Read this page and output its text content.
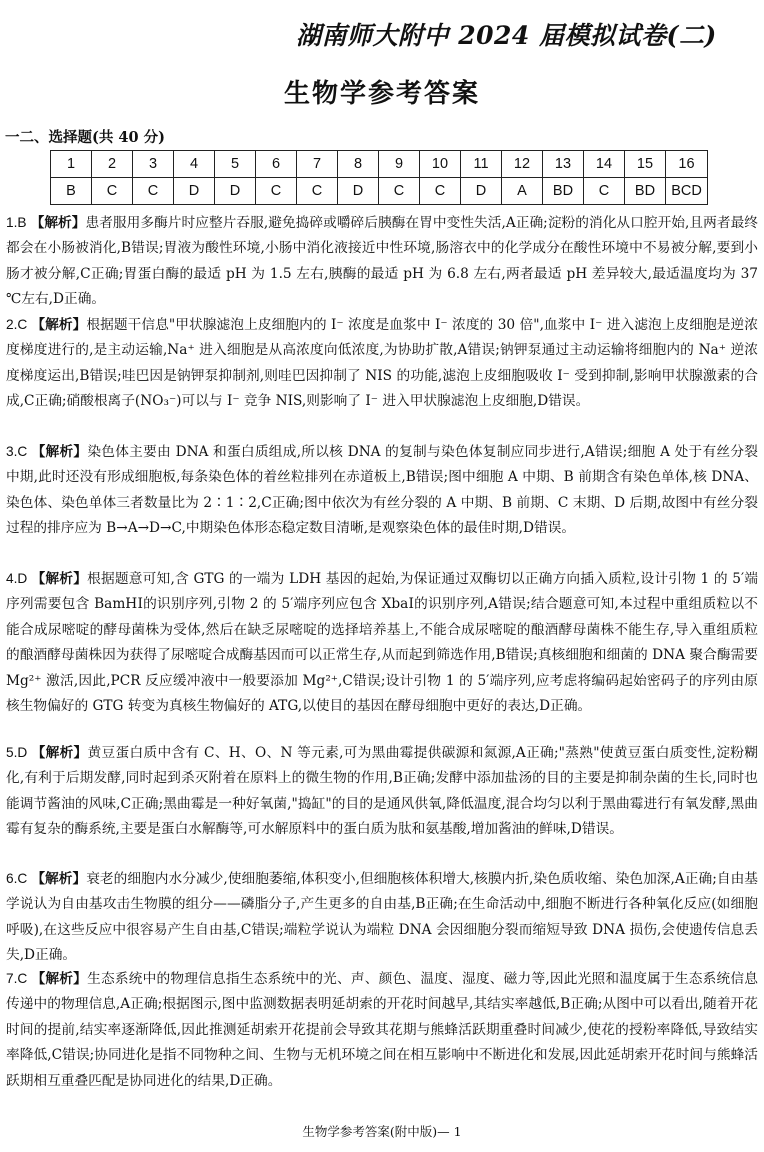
湖南师大附中 2024 届模拟试卷(二)
生物学参考答案
一二、选择题(共 40 分)
1	2	3	4	5	6	7	8	9	10	11	12	13	14	15	16
B	C	C	D	D	C	C	D	C	C	D	A	BD	C	BD	BCD
1.B 【解析】患者服用多酶片时应整片吞服,避免捣碎或嚼碎后胰酶在胃中变性失活,A正确;淀粉的消化从口腔开始,且两者最终都会在小肠被消化,B错误;胃液为酸性环境,小肠中消化液接近中性环境,肠溶衣中的化学成分在酸性环境中不易被分解,要到小肠才被分解,C正确;胃蛋白酶的最适 pH 为 1.5 左右,胰酶的最适 pH 为 6.8 左右,两者最适 pH 差异较大,最适温度均为 37 ℃左右,D正确。
2.C 【解析】根据题干信息"甲状腺滤泡上皮细胞内的 I⁻ 浓度是血浆中 I⁻ 浓度的 30 倍",血浆中 I⁻ 进入滤泡上皮细胞是逆浓度梯度进行的,是主动运输,Na⁺ 进入细胞是从高浓度向低浓度,为协助扩散,A错误;钠钾泵通过主动运输将细胞内的 Na⁺ 逆浓度梯度运出,B错误;哇巴因是钠钾泵抑制剂,则哇巴因抑制了 NIS 的功能,滤泡上皮细胞吸收 I⁻ 受到抑制,影响甲状腺激素的合成,C正确;硝酸根离子(NO₃⁻)可以与 I⁻ 竞争 NIS,则影响了 I⁻ 进入甲状腺滤泡上皮细胞,D错误。
3.C 【解析】染色体主要由 DNA 和蛋白质组成,所以核 DNA 的复制与染色体复制应同步进行,A错误;细胞 A 处于有丝分裂中期,此时还没有形成细胞板,每条染色体的着丝粒排列在赤道板上,B错误;图中细胞 A 中期、B 前期含有染色单体,核 DNA、染色体、染色单体三者数量比为 2∶1∶2,C正确;图中依次为有丝分裂的 A 中期、B 前期、C 末期、D 后期,故图中有丝分裂过程的排序应为 B→A→D→C,中期染色体形态稳定数目清晰,是观察染色体的最佳时期,D错误。
4.D 【解析】根据题意可知,含 GTG 的一端为 LDH 基因的起始,为保证通过双酶切以正确方向插入质粒,设计引物 1 的 5′端序列需要包含 BamHⅠ的识别序列,引物 2 的 5′端序列应包含 XbaⅠ的识别序列,A错误;结合题意可知,本过程中重组质粒以不能合成尿嘧啶的酵母菌株为受体,然后在缺乏尿嘧啶的选择培养基上,不能合成尿嘧啶的酿酒酵母菌株不能生存,导入重组质粒的酿酒酵母菌株因为获得了尿嘧啶合成酶基因而可以正常生存,从而起到筛选作用,B错误;真核细胞和细菌的 DNA 聚合酶需要 Mg²⁺ 激活,因此,PCR 反应缓冲液中一般要添加 Mg²⁺,C错误;设计引物 1 的 5′端序列,应考虑将编码起始密码子的序列由原核生物偏好的 GTG 转变为真核生物偏好的 ATG,以使目的基因在酵母细胞中更好的表达,D正确。
5.D 【解析】黄豆蛋白质中含有 C、H、O、N 等元素,可为黑曲霉提供碳源和氮源,A正确;"蒸熟"使黄豆蛋白质变性,淀粉糊化,有利于后期发酵,同时起到杀灭附着在原料上的微生物的作用,B正确;发酵中添加盐汤的目的主要是抑制杂菌的生长,同时也能调节酱油的风味,C正确;黑曲霉是一种好氧菌,"捣缸"的目的是通风供氧,降低温度,混合均匀以利于黑曲霉进行有氧发酵,黑曲霉有复杂的酶系统,主要是蛋白水解酶等,可水解原料中的蛋白质为肽和氨基酸,增加酱油的鲜味,D错误。
6.C 【解析】衰老的细胞内水分减少,使细胞萎缩,体积变小,但细胞核体积增大,核膜内折,染色质收缩、染色加深,A正确;自由基学说认为自由基攻击生物膜的组分——磷脂分子,产生更多的自由基,B正确;在生命活动中,细胞不断进行各种氧化反应(如细胞呼吸),在这些反应中很容易产生自由基,C错误;端粒学说认为端粒 DNA 会因细胞分裂而缩短导致 DNA 损伤,会使遗传信息丢失,D正确。
7.C 【解析】生态系统中的物理信息指生态系统中的光、声、颜色、温度、湿度、磁力等,因此光照和温度属于生态系统信息传递中的物理信息,A正确;根据图示,图中监测数据表明延胡索的开花时间越早,其结实率越低,B正确;从图中可以看出,随着开花时间的提前,结实率逐渐降低,因此推测延胡索开花提前会导致其花期与熊蜂活跃期重叠时间减少,使花的授粉率降低,导致结实率降低,C错误;协同进化是指不同物种之间、生物与无机环境之间在相互影响中不断进化和发展,因此延胡索开花时间与熊蜂活跃期相互重叠匹配是协同进化的结果,D正确。
生物学参考答案(附中版)— 1
